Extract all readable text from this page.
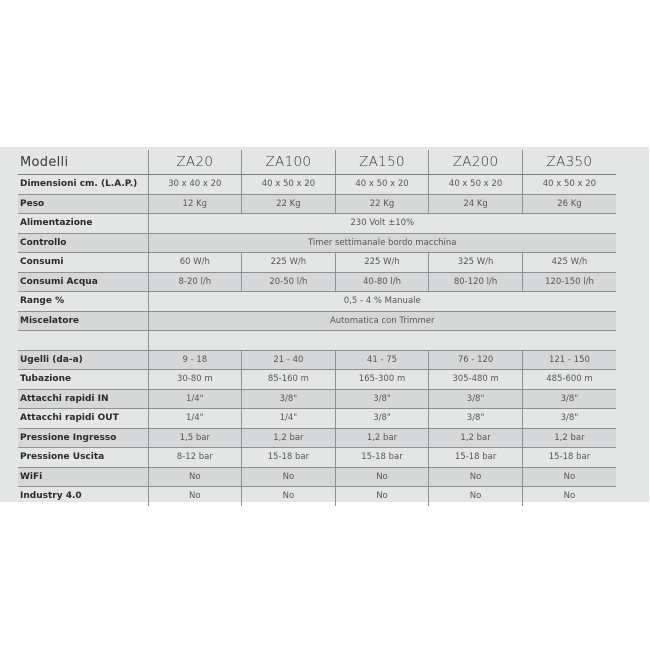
Modelli	ZA20	ZA100	ZA150	ZA200	ZA350
Dimensioni cm. (L.A.P.)	30 x 40 x 20	40 x 50 x 20	40 x 50 x 20	40 x 50 x 20	40 x 50 x 20
Peso	12 Kg	22 Kg	22 Kg	24 Kg	26 Kg
Alimentazione	230 Volt ±10%				
Controllo	Timer settimanale bordo macchina				
Consumi	60 W/h	225 W/h	225 W/h	325 W/h	425 W/h
Consumi Acqua	8-20 l/h	20-50 l/h	40-80 l/h	80-120 l/h	120-150 l/h
Range %	0,5 - 4 % Manuale				
Miscelatore	Automatica con Trimmer				

Ugelli (da-a)	9 - 18	21 - 40	41 - 75	76 - 120	121 - 150
Tubazione	30-80 m	85-160 m	165-300 m	305-480 m	485-600 m
Attacchi rapidi IN	1/4"	3/8"	3/8"	3/8"	3/8"
Attacchi rapidi OUT	1/4"	1/4"	3/8"	3/8"	3/8"
Pressione Ingresso	1,5 bar	1,2 bar	1,2 bar	1,2 bar	1,2 bar
Pressione Uscita	8-12 bar	15-18 bar	15-18 bar	15-18 bar	15-18 bar
WiFi	No	No	No	No	No
Industry 4.0	No	No	No	No	No
